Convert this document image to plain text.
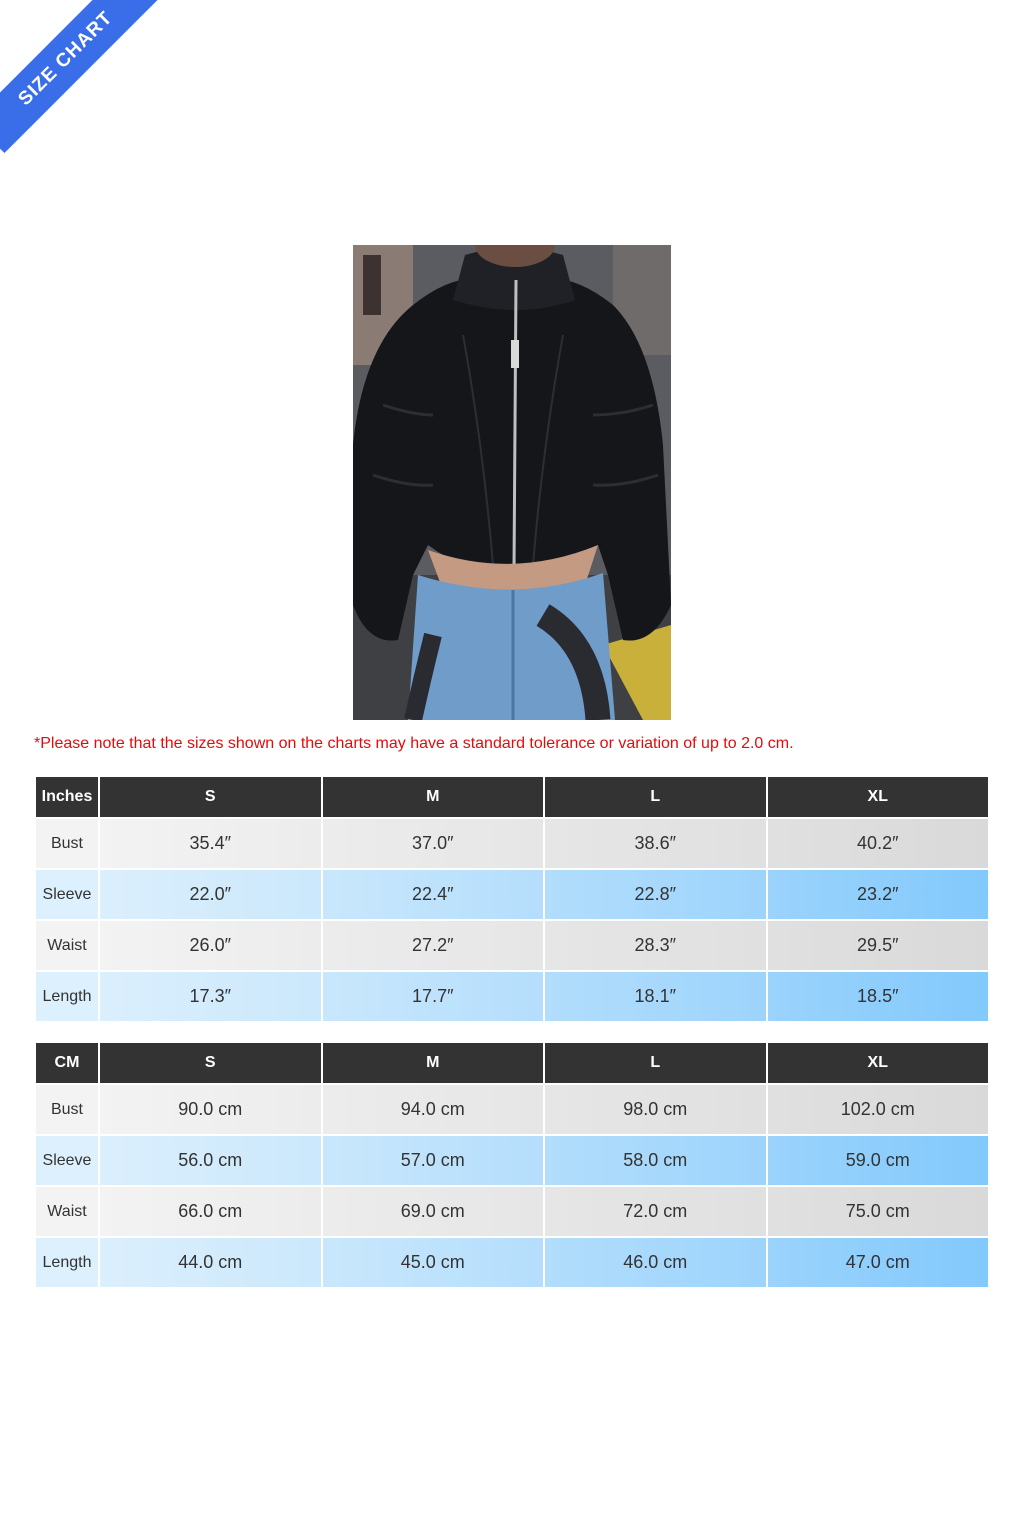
SIZE CHART
*Please note that the sizes shown on the charts may have a standard tolerance or variation of up to 2.0 cm.
Inches	S	M	L	XL
Bust	35.4″	37.0″	38.6″	40.2″
Sleeve	22.0″	22.4″	22.8″	23.2″
Waist	26.0″	27.2″	28.3″	29.5″
Length	17.3″	17.7″	18.1″	18.5″
CM	S	M	L	XL
Bust	90.0 cm	94.0 cm	98.0 cm	102.0 cm
Sleeve	56.0 cm	57.0 cm	58.0 cm	59.0 cm
Waist	66.0 cm	69.0 cm	72.0 cm	75.0 cm
Length	44.0 cm	45.0 cm	46.0 cm	47.0 cm
